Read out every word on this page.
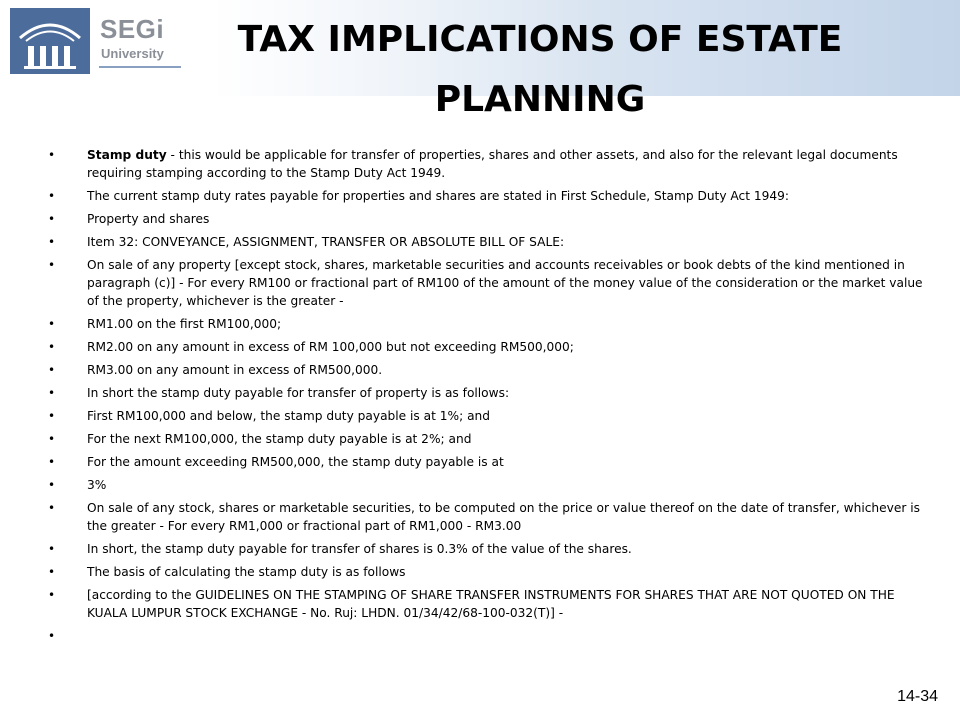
SEGi
University	TAX IMPLICATIONS OF ESTATE PLANNING
•	Stamp duty - this would be applicable for transfer of properties, shares and other assets, and also for the relevant legal documents requiring stamping according to the Stamp Duty Act 1949.
•	The current stamp duty rates payable for properties and shares are stated in First Schedule, Stamp Duty Act 1949:
•	Property and shares
•	Item 32: CONVEYANCE, ASSIGNMENT, TRANSFER OR ABSOLUTE BILL OF SALE:
•	On sale of any property [except stock, shares, marketable securities and accounts receivables or book debts of the kind mentioned in paragraph (c)] - For every RM100 or fractional part of RM100 of the amount of the money value of the consideration or the market value of the property, whichever is the greater -
•	RM1.00 on the first RM100,000;
•	RM2.00 on any amount in excess of RM 100,000 but not exceeding RM500,000;
•	RM3.00 on any amount in excess of RM500,000.
•	In short the stamp duty payable for transfer of property is as follows:
•	First RM100,000 and below, the stamp duty payable is at 1%; and
•	For the next RM100,000, the stamp duty payable is at 2%; and
•	For the amount exceeding RM500,000, the stamp duty payable is at
•	3%
•	On sale of any stock, shares or marketable securities, to be computed on the price or value thereof on the date of transfer, whichever is the greater - For every RM1,000 or fractional part of RM1,000 - RM3.00
•	In short, the stamp duty payable for transfer of shares is 0.3% of the value of the shares.
•	The basis of calculating the stamp duty is as follows
•	[according to the GUIDELINES ON THE STAMPING OF SHARE TRANSFER INSTRUMENTS FOR SHARES THAT ARE NOT QUOTED ON THE KUALA LUMPUR STOCK EXCHANGE - No. Ruj: LHDN. 01/34/42/68-100-032(T)] -
•
14-34
